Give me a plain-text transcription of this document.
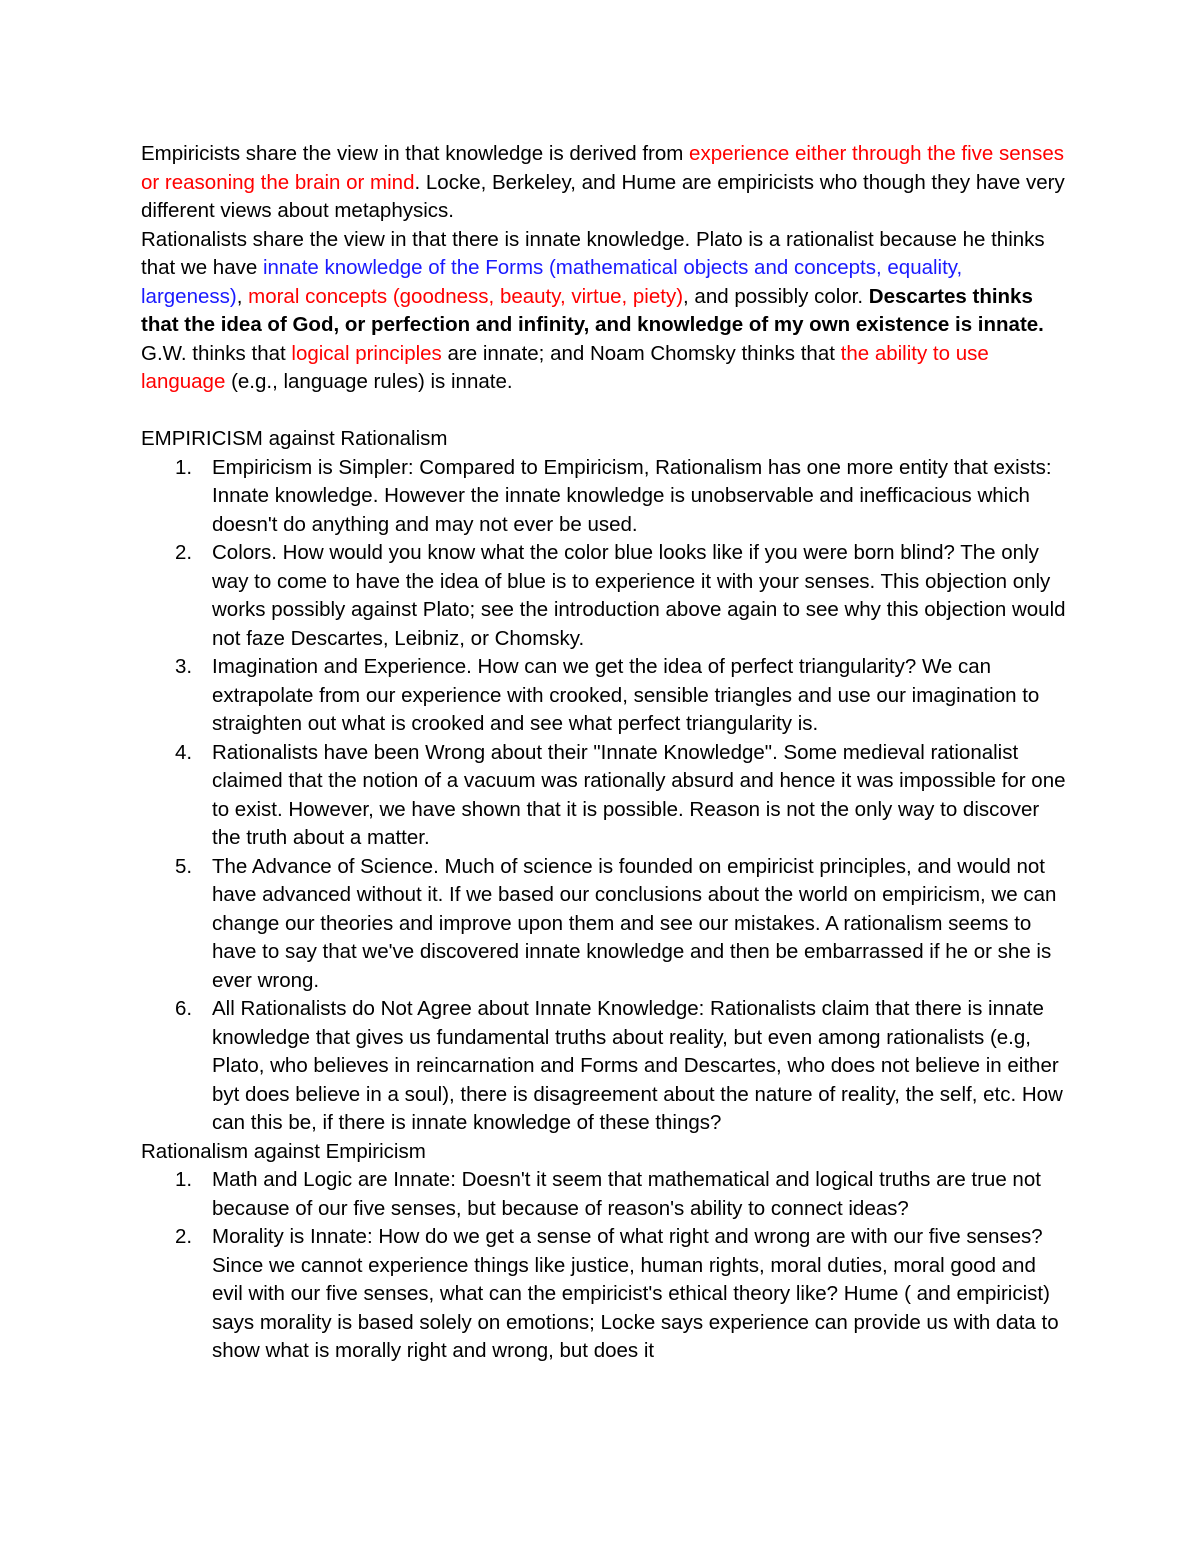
Empiricists share the view in that knowledge is derived from experience either through the five senses or reasoning the brain or mind. Locke, Berkeley, and Hume are empiricists who though they have very different views about metaphysics.

Rationalists share the view in that there is innate knowledge. Plato is a rationalist because he thinks that we have innate knowledge of the Forms (mathematical objects and concepts, equality, largeness), moral concepts (goodness, beauty, virtue, piety), and possibly color. Descartes thinks that the idea of God, or perfection and infinity, and knowledge of my own existence is innate. G.W. thinks that logical principles are innate; and Noam Chomsky thinks that the ability to use language (e.g., language rules) is innate.

EMPIRICISM against Rationalism

1. Empiricism is Simpler: Compared to Empiricism, Rationalism has one more entity that exists: Innate knowledge. However the innate knowledge is unobservable and inefficacious which doesn't do anything and may not ever be used.
2. Colors. How would you know what the color blue looks like if you were born blind? The only way to come to have the idea of blue is to experience it with your senses. This objection only works possibly against Plato; see the introduction above again to see why this objection would not faze Descartes, Leibniz, or Chomsky.
3. Imagination and Experience. How can we get the idea of perfect triangularity? We can extrapolate from our experience with crooked, sensible triangles and use our imagination to straighten out what is crooked and see what perfect triangularity is.
4. Rationalists have been Wrong about their "Innate Knowledge". Some medieval rationalist claimed that the notion of a vacuum was rationally absurd and hence it was impossible for one to exist. However, we have shown that it is possible. Reason is not the only way to discover the truth about a matter.
5. The Advance of Science. Much of science is founded on empiricist principles, and would not have advanced without it. If we based our conclusions about the world on empiricism, we can change our theories and improve upon them and see our mistakes. A rationalism seems to have to say that we've discovered innate knowledge and then be embarrassed if he or she is ever wrong.
6. All Rationalists do Not Agree about Innate Knowledge: Rationalists claim that there is innate knowledge that gives us fundamental truths about reality, but even among rationalists (e.g, Plato, who believes in reincarnation and Forms and Descartes, who does not believe in either byt does believe in a soul), there is disagreement about the nature of reality, the self, etc. How can this be, if there is innate knowledge of these things?

Rationalism against Empiricism

1. Math and Logic are Innate: Doesn't it seem that mathematical and logical truths are true not because of our five senses, but because of reason's ability to connect ideas?
2. Morality is Innate: How do we get a sense of what right and wrong are with our five senses? Since we cannot experience things like justice, human rights, moral duties, moral good and evil with our five senses, what can the empiricist's ethical theory like? Hume ( and empiricist) says morality is based solely on emotions; Locke says experience can provide us with data to show what is morally right and wrong, but does it
